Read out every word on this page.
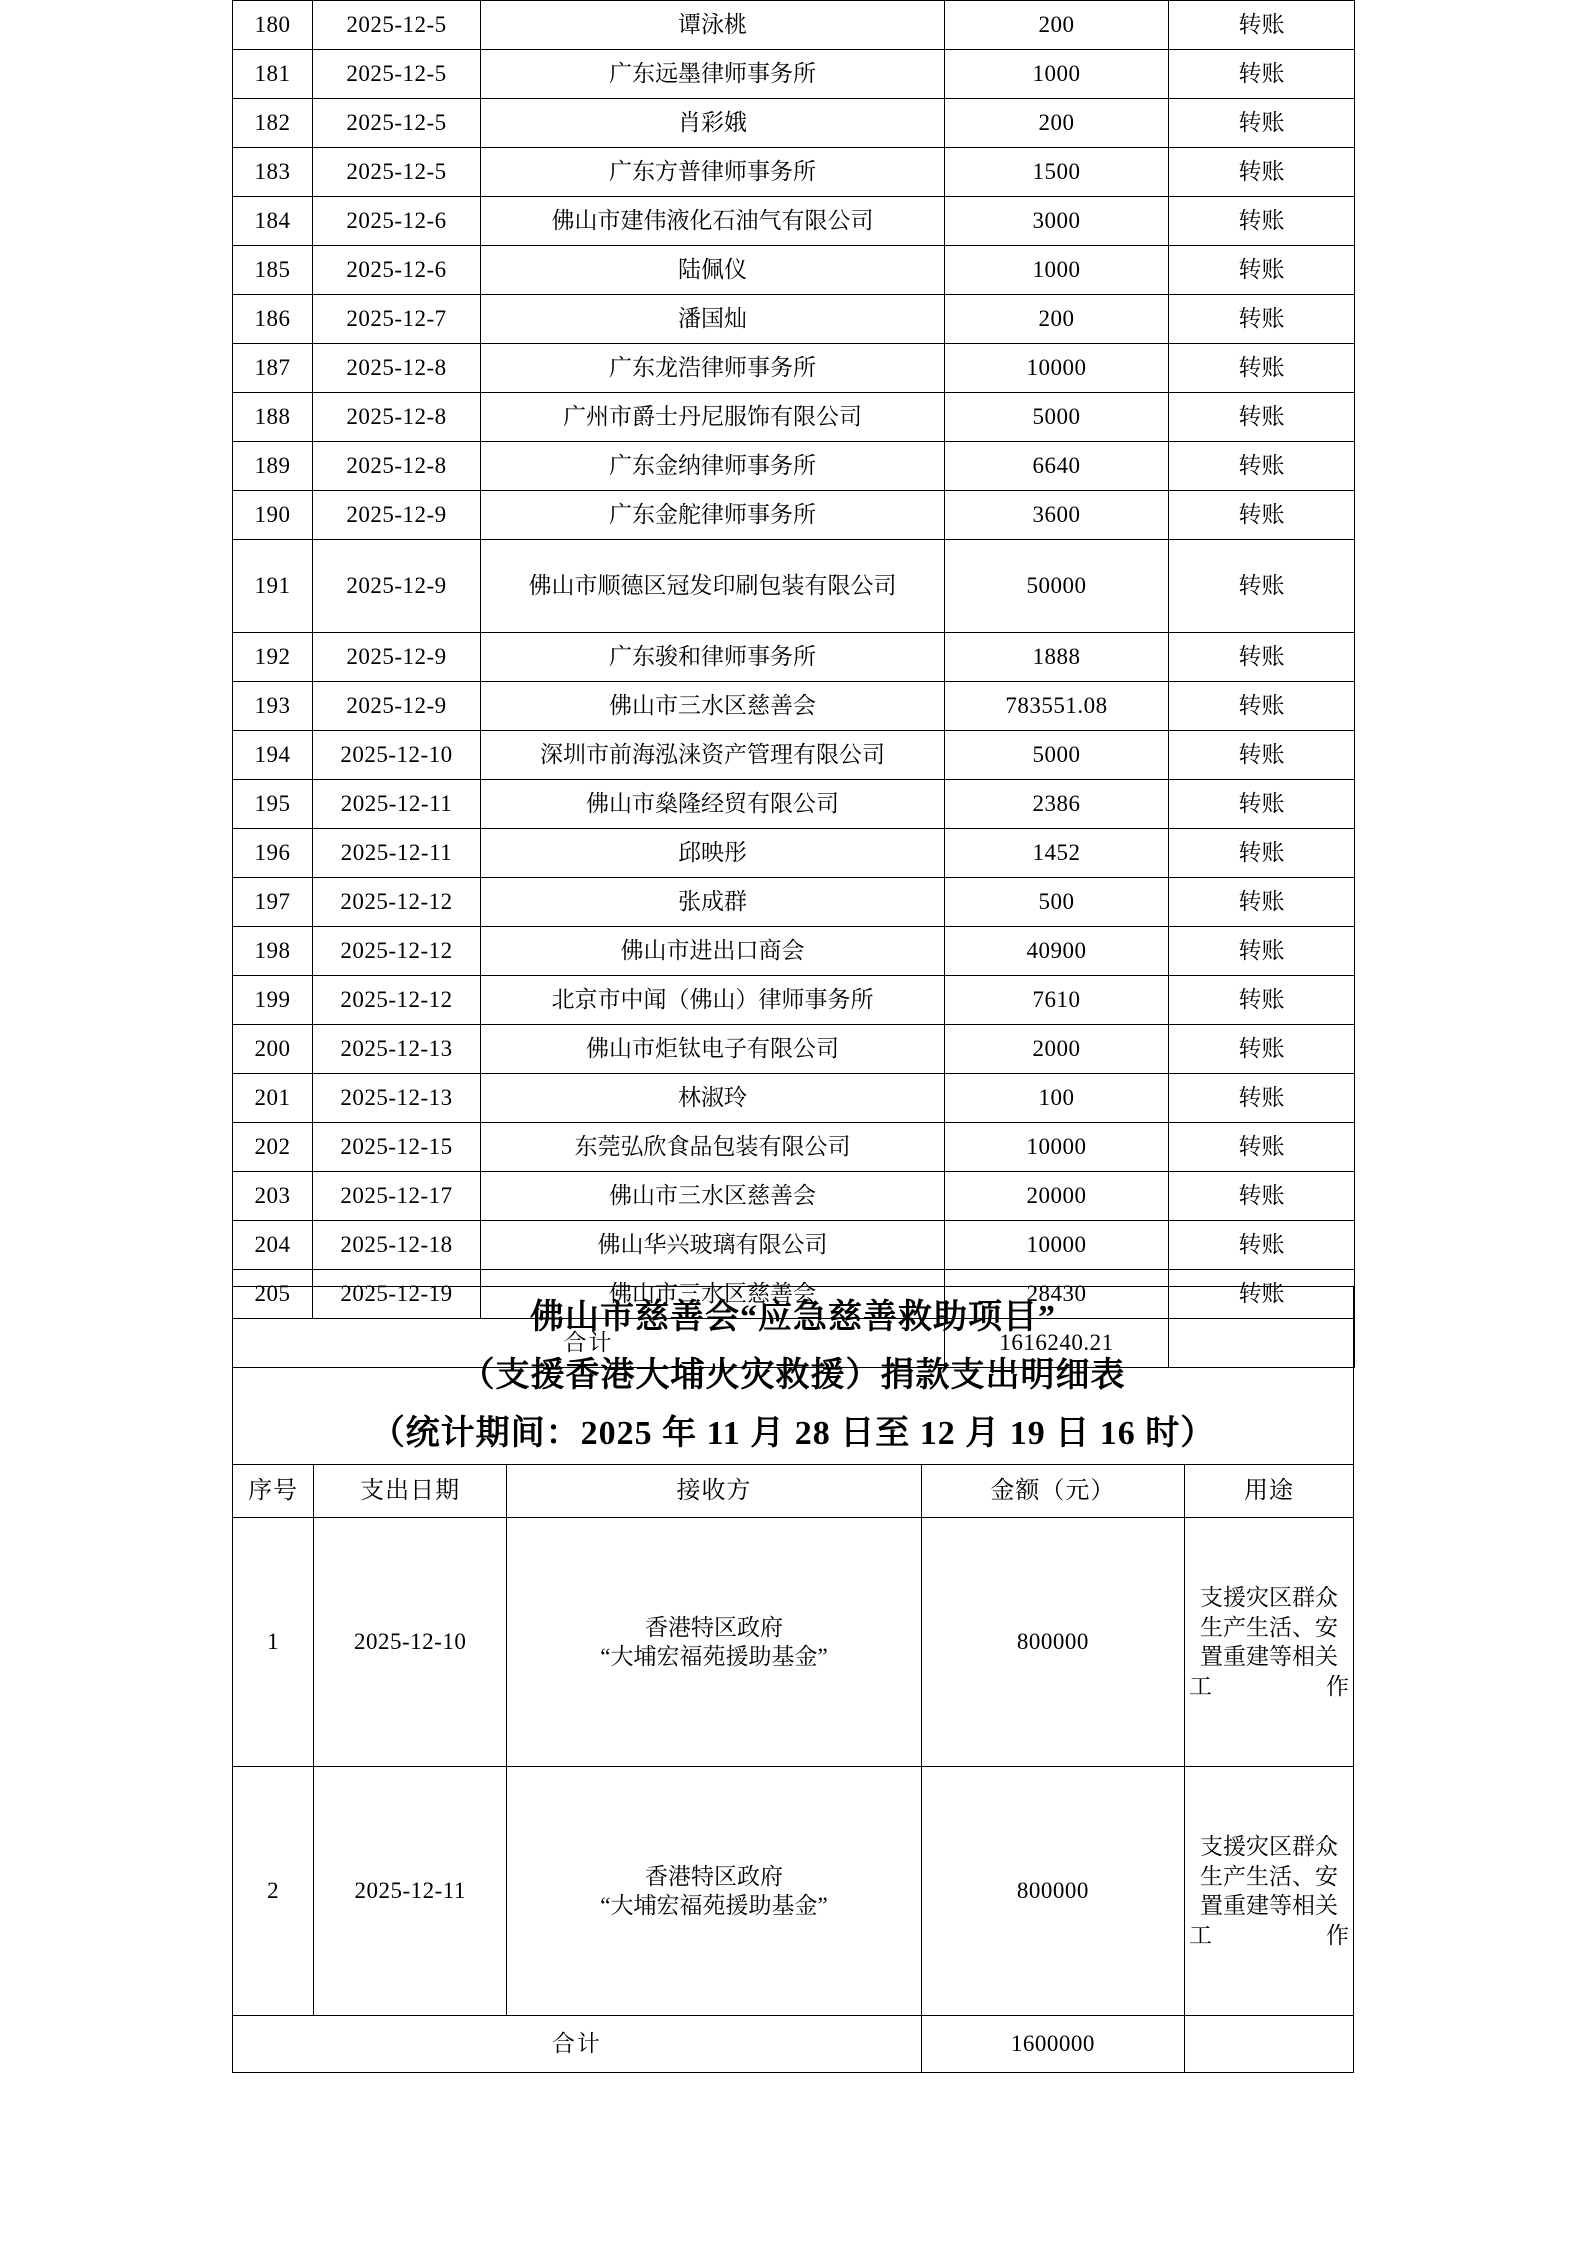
180	2025-12-5	谭泳桃	200	转账
181	2025-12-5	广东远墨律师事务所	1000	转账
182	2025-12-5	肖彩娥	200	转账
183	2025-12-5	广东方普律师事务所	1500	转账
184	2025-12-6	佛山市建伟液化石油气有限公司	3000	转账
185	2025-12-6	陆佩仪	1000	转账
186	2025-12-7	潘国灿	200	转账
187	2025-12-8	广东龙浩律师事务所	10000	转账
188	2025-12-8	广州市爵士丹尼服饰有限公司	5000	转账
189	2025-12-8	广东金纳律师事务所	6640	转账
190	2025-12-9	广东金舵律师事务所	3600	转账
191	2025-12-9	佛山市顺德区冠发印刷包装有限公司	50000	转账
192	2025-12-9	广东骏和律师事务所	1888	转账
193	2025-12-9	佛山市三水区慈善会	783551.08	转账
194	2025-12-10	深圳市前海泓涞资产管理有限公司	5000	转账
195	2025-12-11	佛山市燊隆经贸有限公司	2386	转账
196	2025-12-11	邱映彤	1452	转账
197	2025-12-12	张成群	500	转账
198	2025-12-12	佛山市进出口商会	40900	转账
199	2025-12-12	北京市中闻（佛山）律师事务所	7610	转账
200	2025-12-13	佛山市炬钛电子有限公司	2000	转账
201	2025-12-13	林淑玲	100	转账
202	2025-12-15	东莞弘欣食品包装有限公司	10000	转账
203	2025-12-17	佛山市三水区慈善会	20000	转账
204	2025-12-18	佛山华兴玻璃有限公司	10000	转账
205	2025-12-19	佛山市三水区慈善会	28430	转账
合计			1616240.21	
佛山市慈善会“应急慈善救助项目”
（支援香港大埔火灾救援）捐款支出明细表
（统计期间：2025 年 11 月 28 日至 12 月 19 日 16 时）				

序号	支出日期	接收方	金额（元）	用途
1	2025-12-10	香港特区政府
“大埔宏福苑援助基金”	800000	支援灾区群众生产生活、安置重建等相关工作
2	2025-12-11	香港特区政府
“大埔宏福苑援助基金”	800000	支援灾区群众生产生活、安置重建等相关工作
合计			1600000	
